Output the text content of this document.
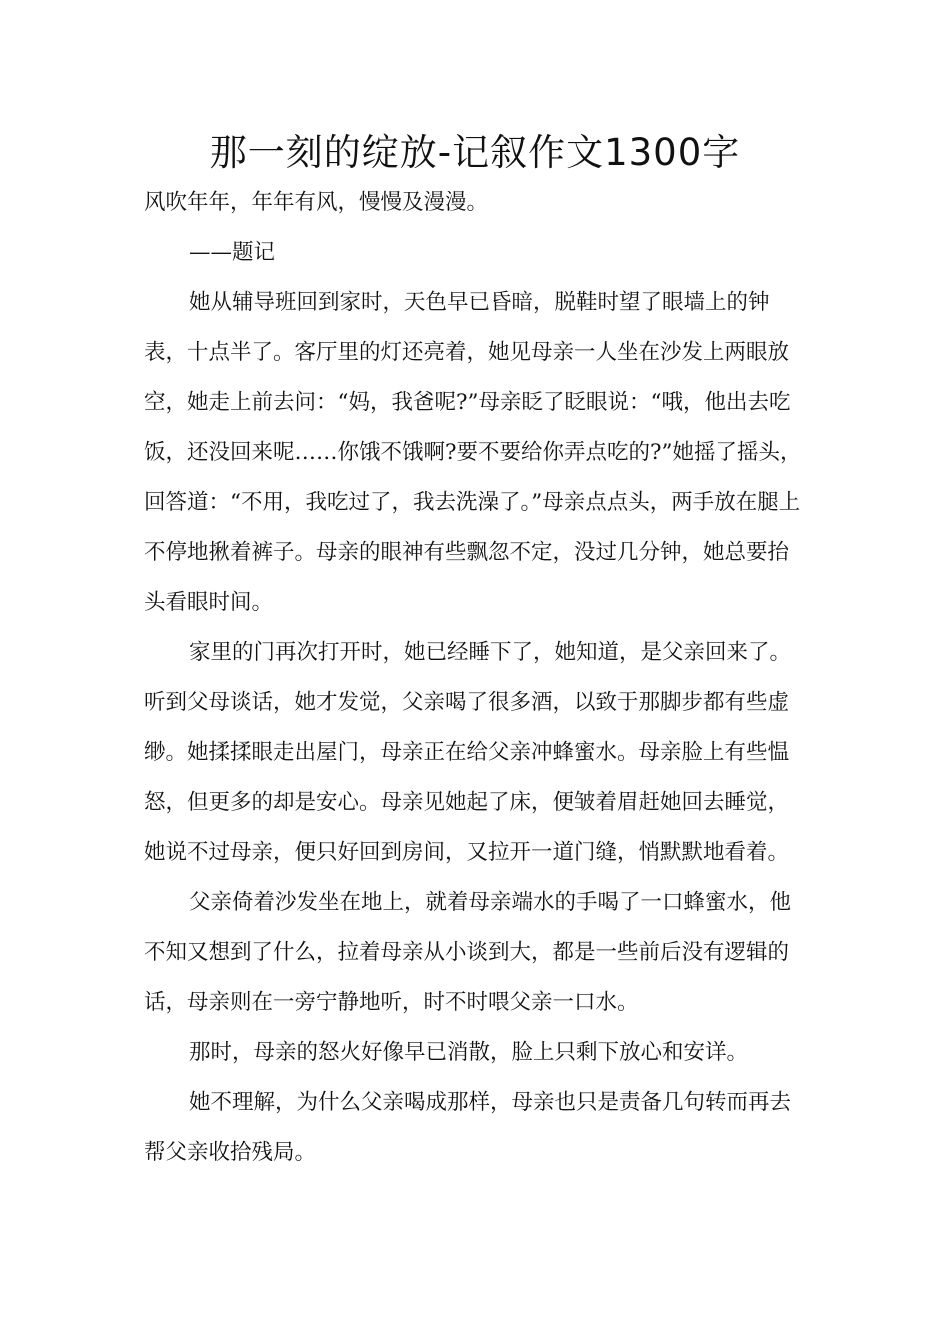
那一刻的绽放-记叙作文1300字

风吹年年，年年有风，慢慢及漫漫。

——题记

她从辅导班回到家时，天色早已昏暗，脱鞋时望了眼墙上的钟表，十点半了。客厅里的灯还亮着，她见母亲一人坐在沙发上两眼放空，她走上前去问：“妈，我爸呢?”母亲眨了眨眼说：“哦，他出去吃饭，还没回来呢……你饿不饿啊?要不要给你弄点吃的?”她摇了摇头，回答道：“不用，我吃过了，我去洗澡了。”母亲点点头，两手放在腿上不停地揪着裤子。母亲的眼神有些飘忽不定，没过几分钟，她总要抬头看眼时间。

家里的门再次打开时，她已经睡下了，她知道，是父亲回来了。听到父母谈话，她才发觉，父亲喝了很多酒，以致于那脚步都有些虚缈。她揉揉眼走出屋门，母亲正在给父亲冲蜂蜜水。母亲脸上有些愠怒，但更多的却是安心。母亲见她起了床，便皱着眉赶她回去睡觉，她说不过母亲，便只好回到房间，又拉开一道门缝，悄默默地看着。

父亲倚着沙发坐在地上，就着母亲端水的手喝了一口蜂蜜水，他不知又想到了什么，拉着母亲从小谈到大，都是一些前后没有逻辑的话，母亲则在一旁宁静地听，时不时喂父亲一口水。

那时，母亲的怒火好像早已消散，脸上只剩下放心和安详。

她不理解，为什么父亲喝成那样，母亲也只是责备几句转而再去帮父亲收拾残局。
